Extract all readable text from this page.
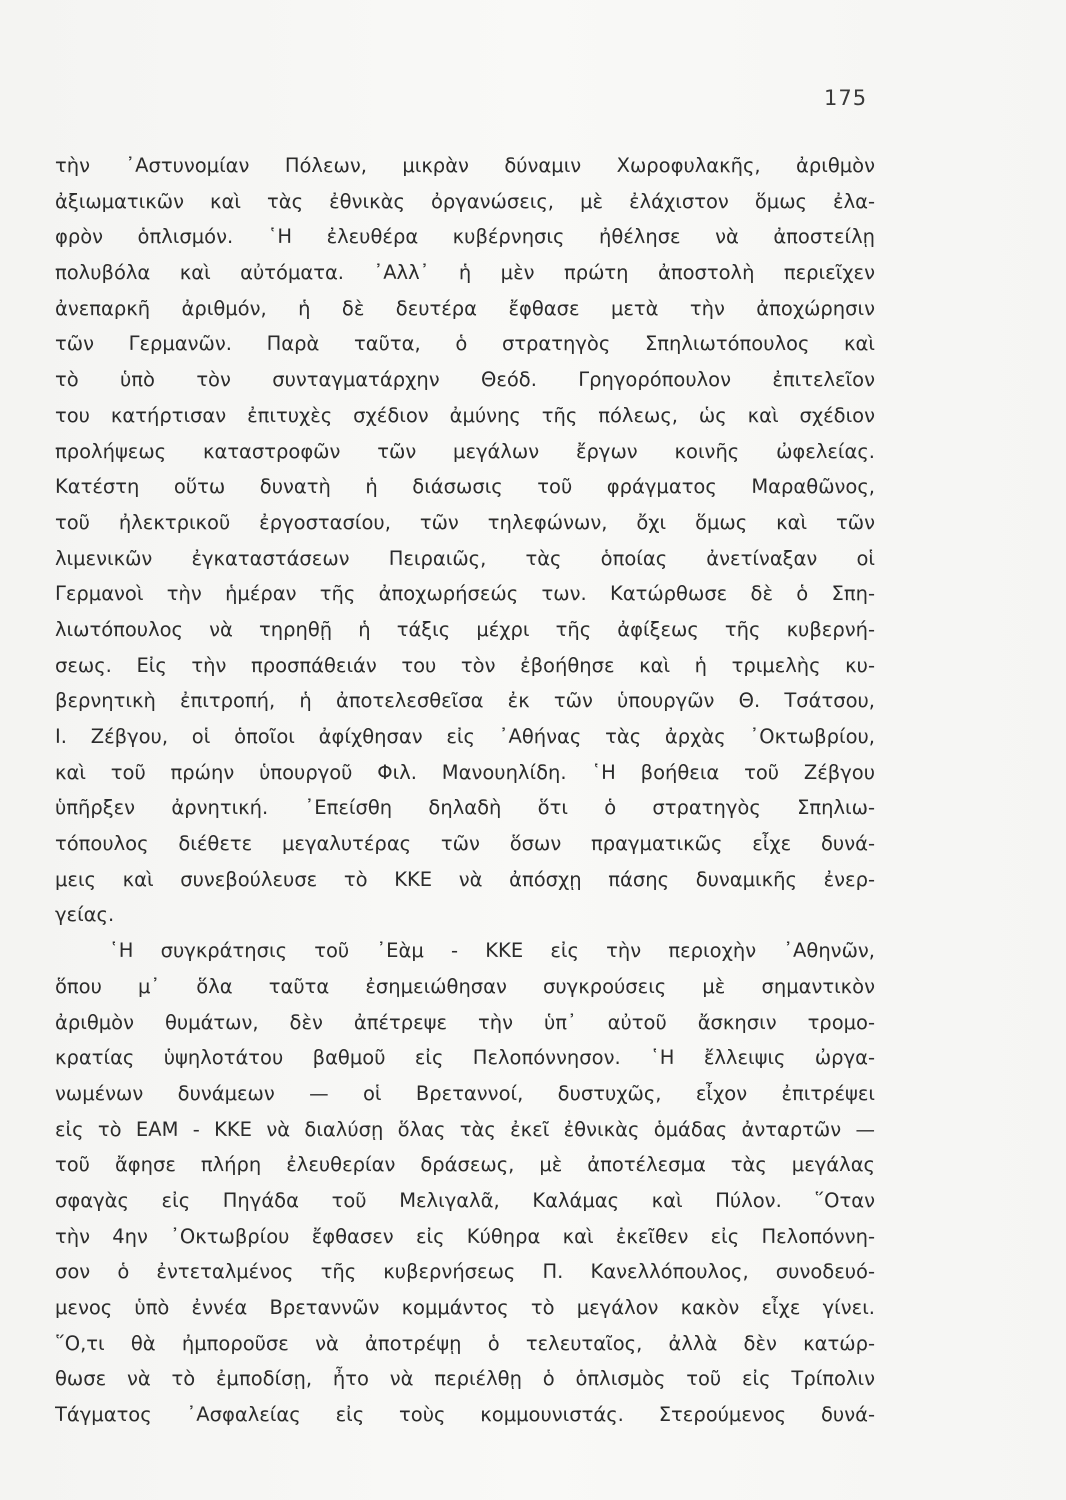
175
τὴν ᾿Αστυνομίαν Πόλεων, μικρὰν δύναμιν Χωροφυλακῆς, ἀριθμὸν
ἀξιωματικῶν καὶ τὰς ἐθνικὰς ὀργανώσεις, μὲ ἐλάχιστον ὅμως ἐλα-
φρὸν ὁπλισμόν. ῾Η ἐλευθέρα κυβέρνησις ἠθέλησε νὰ ἀποστείλῃ
πολυβόλα καὶ αὐτόματα. ᾿Αλλ᾿ ἡ μὲν πρώτη ἀποστολὴ περιεῖχεν
ἀνεπαρκῆ ἀριθμόν, ἡ δὲ δευτέρα ἔφθασε μετὰ τὴν ἀποχώρησιν
τῶν Γερμανῶν. Παρὰ ταῦτα, ὁ στρατηγὸς Σπηλιωτόπουλος καὶ
τὸ ὑπὸ τὸν συνταγματάρχην Θεόδ. Γρηγορόπουλον ἐπιτελεῖον
του κατήρτισαν ἐπιτυχὲς σχέδιον ἀμύνης τῆς πόλεως, ὡς καὶ σχέδιον
προλήψεως καταστροφῶν τῶν μεγάλων ἔργων κοινῆς ὠφελείας.
Κατέστη οὕτω δυνατὴ ἡ διάσωσις τοῦ φράγματος Μαραθῶνος,
τοῦ ἠλεκτρικοῦ ἐργοστασίου, τῶν τηλεφώνων, ὄχι ὅμως καὶ τῶν
λιμενικῶν ἐγκαταστάσεων Πειραιῶς, τὰς ὁποίας ἀνετίναξαν οἱ
Γερμανοὶ τὴν ἡμέραν τῆς ἀποχωρήσεώς των. Κατώρθωσε δὲ ὁ Σπη-
λιωτόπουλος νὰ τηρηθῇ ἡ τάξις μέχρι τῆς ἀφίξεως τῆς κυβερνή-
σεως. Εἰς τὴν προσπάθειάν του τὸν ἐβοήθησε καὶ ἡ τριμελὴς κυ-
βερνητικὴ ἐπιτροπή, ἡ ἀποτελεσθεῖσα ἐκ τῶν ὑπουργῶν Θ. Τσάτσου,
Ι. Ζέβγου, οἱ ὁποῖοι ἀφίχθησαν εἰς ᾿Αθήνας τὰς ἀρχὰς ᾿Οκτωβρίου,
καὶ τοῦ πρώην ὑπουργοῦ Φιλ. Μανουηλίδη. ῾Η βοήθεια τοῦ Ζέβγου
ὑπῆρξεν ἀρνητική. ᾿Επείσθη δηλαδὴ ὅτι ὁ στρατηγὸς Σπηλιω-
τόπουλος διέθετε μεγαλυτέρας τῶν ὅσων πραγματικῶς εἶχε δυνά-
μεις καὶ συνεβούλευσε τὸ ΚΚΕ νὰ ἀπόσχῃ πάσης δυναμικῆς ἐνερ-
γείας.
῾Η συγκράτησις τοῦ ᾿Εὰμ - ΚΚΕ εἰς τὴν περιοχὴν ᾿Αθηνῶν,
ὅπου μ᾿ ὅλα ταῦτα ἐσημειώθησαν συγκρούσεις μὲ σημαντικὸν
ἀριθμὸν θυμάτων, δὲν ἀπέτρεψε τὴν ὑπ᾿ αὐτοῦ ἄσκησιν τρομο-
κρατίας ὑψηλοτάτου βαθμοῦ εἰς Πελοπόννησον. ῾Η ἔλλειψις ὠργα-
νωμένων δυνάμεων — οἱ Βρεταννοί, δυστυχῶς, εἶχον ἐπιτρέψει
εἰς τὸ ΕΑΜ - ΚΚΕ νὰ διαλύσῃ ὅλας τὰς ἐκεῖ ἐθνικὰς ὁμάδας ἀνταρτῶν —
τοῦ ἄφησε πλήρη ἐλευθερίαν δράσεως, μὲ ἀποτέλεσμα τὰς μεγάλας
σφαγὰς εἰς Πηγάδα τοῦ Μελιγαλᾶ, Καλάμας καὶ Πύλον. ῞Οταν
τὴν 4ην ᾿Οκτωβρίου ἔφθασεν εἰς Κύθηρα καὶ ἐκεῖθεν εἰς Πελοπόννη-
σον ὁ ἐντεταλμένος τῆς κυβερνήσεως Π. Κανελλόπουλος, συνοδευό-
μενος ὑπὸ ἐννέα Βρεταννῶν κομμάντος τὸ μεγάλον κακὸν εἶχε γίνει.
῞Ο,τι θὰ ἠμποροῦσε νὰ ἀποτρέψῃ ὁ τελευταῖος, ἀλλὰ δὲν κατώρ-
θωσε νὰ τὸ ἐμποδίσῃ, ἦτο νὰ περιέλθῃ ὁ ὁπλισμὸς τοῦ εἰς Τρίπολιν
Τάγματος ᾿Ασφαλείας εἰς τοὺς κομμουνιστάς. Στερούμενος δυνά-
